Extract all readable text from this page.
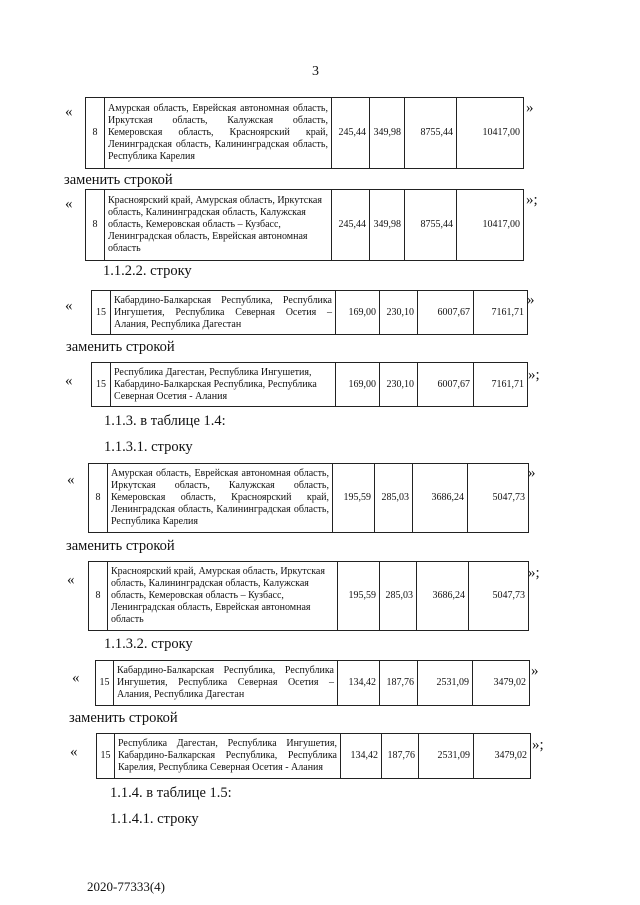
3
«
8	Амурская область, Еврейская автономная область, Иркутская область, Калужская область, Кемеровская область, Красноярский край, Ленинградская область, Калининградская область, Республика Карелия	245,44	349,98	8755,44	10417,00
»
заменить строкой
«
8	Красноярский край, Амурская область, Иркутская область, Калининградская область, Калужская область, Кемеровская область – Кузбасс, Ленинградская область, Еврейская автономная область	245,44	349,98	8755,44	10417,00
»;
1.1.2.2. строку
« 15	Кабардино-Балкарская Республика, Республика Ингушетия, Республика Северная Осетия – Алания, Республика Дагестан	169,00	230,10	6007,67	7161,71
»
заменить строкой
« 15	Республика Дагестан, Республика Ингушетия, Кабардино-Балкарская Республика, Республика Северная Осетия - Алания	169,00	230,10	6007,67	7161,71
»;
1.1.3. в таблице 1.4:
1.1.3.1. строку
«
8	Амурская область, Еврейская автономная область, Иркутская область, Калужская область, Кемеровская область, Красноярский край, Ленинградская область, Калининградская область, Республика Карелия	195,59	285,03	3686,24	5047,73
»
заменить строкой
«
8	Красноярский край, Амурская область, Иркутская область, Калининградская область, Калужская область, Кемеровская область – Кузбасс, Ленинградская область, Еврейская автономная область	195,59	285,03	3686,24	5047,73
»;
1.1.3.2. строку
« 15	Кабардино-Балкарская Республика, Республика Ингушетия, Республика Северная Осетия – Алания, Республика Дагестан	134,42	187,76	2531,09	3479,02
»
заменить строкой
« 15	Республика Дагестан, Республика Ингушетия, Кабардино-Балкарская Республика, Республика Карелия, Республика Северная Осетия - Алания	134,42	187,76	2531,09	3479,02
»;
1.1.4. в таблице 1.5:
1.1.4.1. строку
2020-77333(4)
